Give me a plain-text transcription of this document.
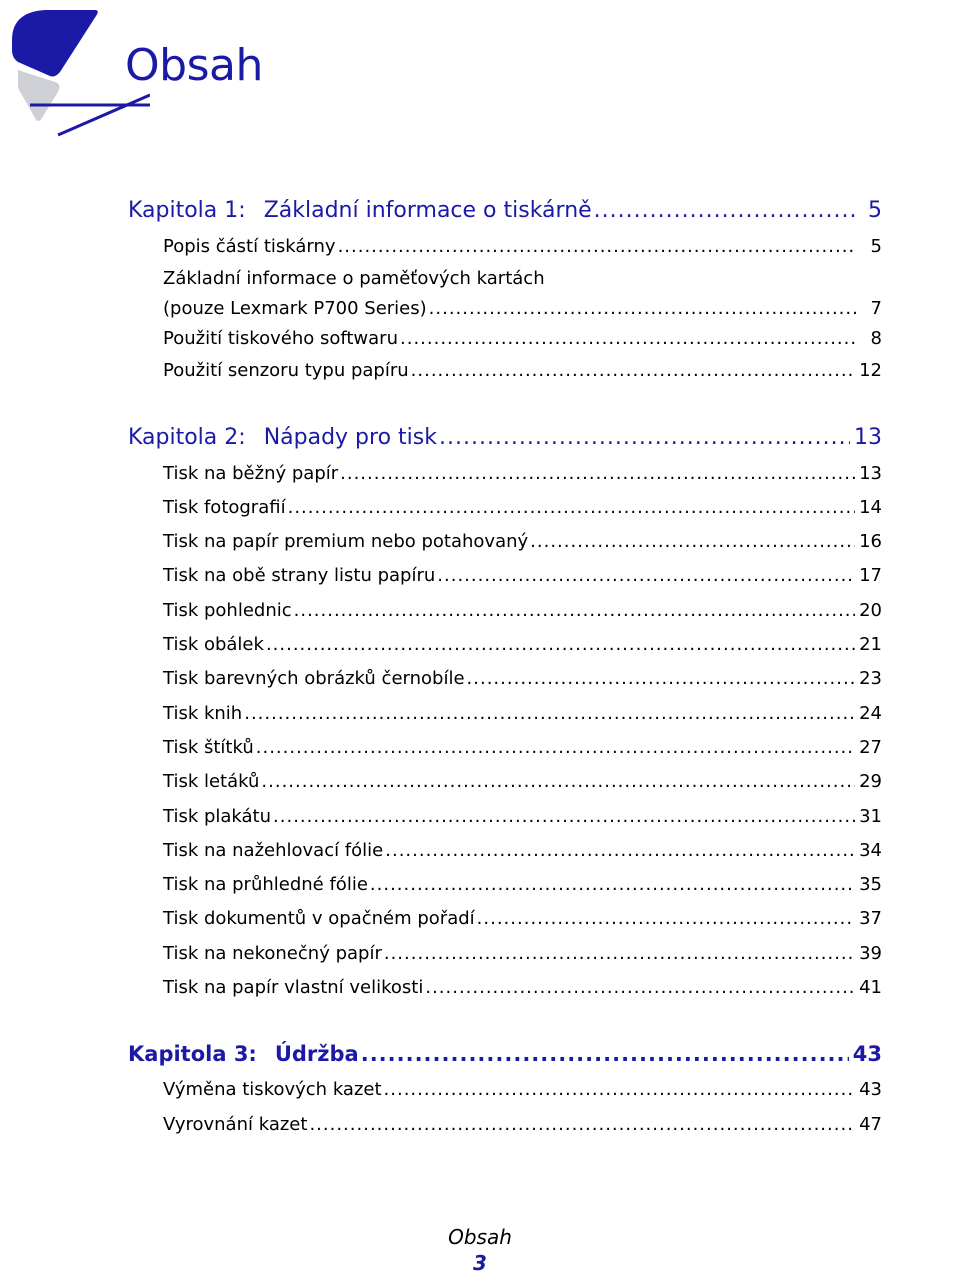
Obsah
Kapitola 1: Základní informace o tiskárně .....	5
Popis částí tiskárny .....	5
Základní informace o paměťových kartách
(pouze Lexmark P700 Series) .....	7
Použití tiskového softwaru .....	8
Použití senzoru typu papíru .....	12
Kapitola 2: Nápady pro tisk .....	13
Tisk na běžný papír .....	13
Tisk fotografií .....	14
Tisk na papír premium nebo potahovaný .....	16
Tisk na obě strany listu papíru .....	17
Tisk pohlednic .....	20
Tisk obálek .....	21
Tisk barevných obrázků černobíle .....	23
Tisk knih .....	24
Tisk štítků .....	27
Tisk letáků .....	29
Tisk plakátu .....	31
Tisk na nažehlovací fólie .....	34
Tisk na průhledné fólie .....	35
Tisk dokumentů v opačném pořadí .....	37
Tisk na nekonečný papír .....	39
Tisk na papír vlastní velikosti .....	41
Kapitola 3: Údržba .....	43
Výměna tiskových kazet .....	43
Vyrovnání kazet .....	47
Obsah
3
